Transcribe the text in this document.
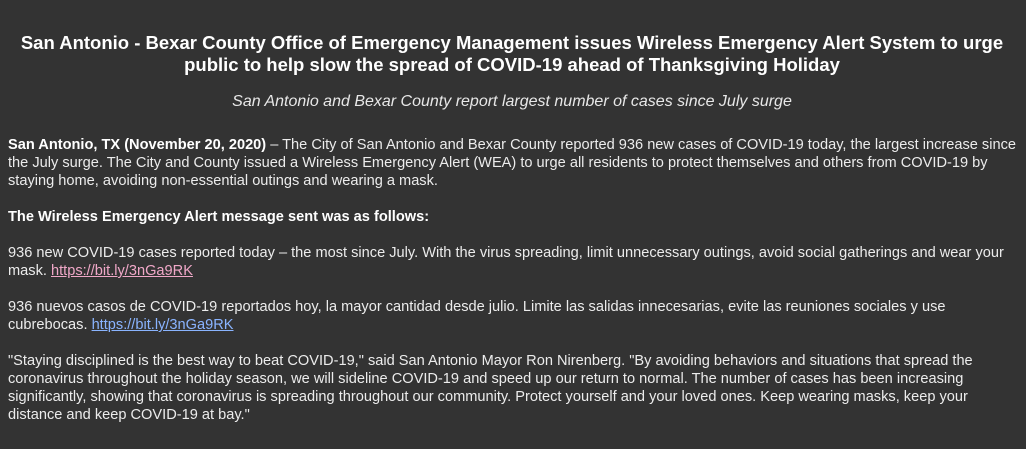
San Antonio - Bexar County Office of Emergency Management issues Wireless Emergency Alert System to urge public to help slow the spread of COVID-19 ahead of Thanksgiving Holiday
San Antonio and Bexar County report largest number of cases since July surge

San Antonio, TX (November 20, 2020) – The City of San Antonio and Bexar County reported 936 new cases of COVID-19 today, the largest increase since the July surge. The City and County issued a Wireless Emergency Alert (WEA) to urge all residents to protect themselves and others from COVID-19 by staying home, avoiding non-essential outings and wearing a mask.

The Wireless Emergency Alert message sent was as follows:

936 new COVID-19 cases reported today – the most since July. With the virus spreading, limit unnecessary outings, avoid social gatherings and wear your mask. https://bit.ly/3nGa9RK

936 nuevos casos de COVID-19 reportados hoy, la mayor cantidad desde julio. Limite las salidas innecesarias, evite las reuniones sociales y use cubrebocas. https://bit.ly/3nGa9RK

"Staying disciplined is the best way to beat COVID-19," said San Antonio Mayor Ron Nirenberg. "By avoiding behaviors and situations that spread the coronavirus throughout the holiday season, we will sideline COVID-19 and speed up our return to normal. The number of cases has been increasing significantly, showing that coronavirus is spreading throughout our community. Protect yourself and your loved ones. Keep wearing masks, keep your distance and keep COVID-19 at bay."
